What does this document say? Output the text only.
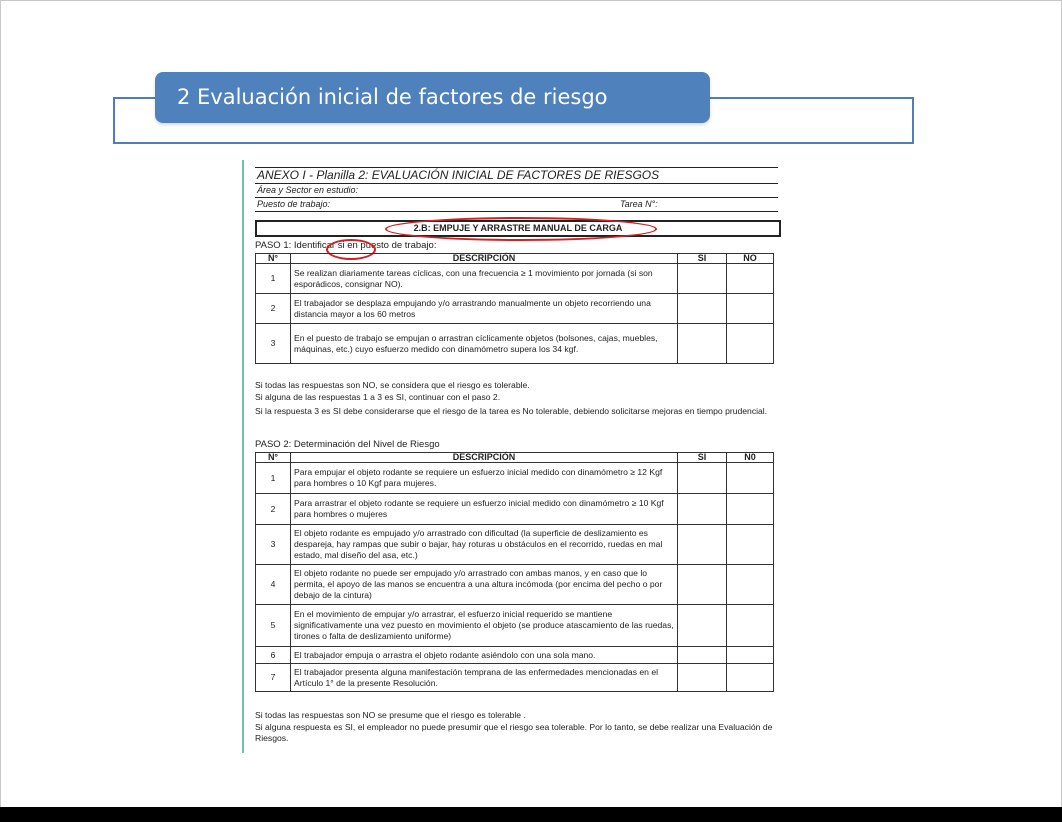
2 Evaluación inicial de factores de riesgo
ANEXO I - Planilla 2: EVALUACIÓN INICIAL DE FACTORES DE RIESGOS
Área y Sector en estudio:
Puesto de trabajo:	Tarea N°:
2.B: EMPUJE Y ARRASTRE MANUAL DE CARGA
PASO 1: Identificar si en puesto de trabajo:
N°	DESCRIPCIÓN	SI	NO
1	Se realizan diariamente tareas cíclicas, con una frecuencia ≥ 1 movimiento por jornada (si son esporádicos, consignar NO).		
2	El trabajador se desplaza empujando y/o arrastrando manualmente un objeto recorriendo una distancia mayor a los 60 metros		
3	En el puesto de trabajo se empujan o arrastran cíclicamente objetos (bolsones, cajas, muebles, máquinas, etc.) cuyo esfuerzo medido con dinamómetro supera los 34 kgf.		
Si todas las respuestas son NO, se considera que el riesgo es tolerable.
Si alguna de las respuestas 1 a 3 es SI, continuar con el paso 2.
Si la respuesta 3 es SI debe considerarse que el riesgo de la tarea es No tolerable, debiendo solicitarse mejoras en tiempo prudencial.
PASO 2: Determinación del Nivel de Riesgo
N°	DESCRIPCIÓN	SI	N0
1	Para empujar el objeto rodante se requiere un esfuerzo inicial medido con dinamómetro ≥ 12 Kgf para hombres o 10 Kgf para mujeres.		
2	Para arrastrar el objeto rodante se requiere un esfuerzo inicial medido con dinamómetro ≥ 10 Kgf para hombres o mujeres		
3	El objeto rodante es empujado y/o arrastrado con dificultad (la superficie de deslizamiento es despareja, hay rampas que subir o bajar, hay roturas u obstáculos en el recorrido, ruedas en mal estado, mal diseño del asa, etc.)		
4	El objeto rodante no puede ser empujado y/o arrastrado con ambas manos, y en caso que lo permita, el apoyo de las manos se encuentra a una altura incómoda (por encima del pecho o por debajo de la cintura)		
5	En el movimiento de empujar y/o arrastrar, el esfuerzo inicial requerido se mantiene significativamente una vez puesto en movimiento el objeto (se produce atascamiento de las ruedas, tirones o falta de deslizamiento uniforme)		
6	El trabajador empuja o arrastra el objeto rodante asiéndolo con una sola mano.		
7	El trabajador presenta alguna manifestación temprana de las enfermedades mencionadas en el Artículo 1° de la presente Resolución.		
Si todas las respuestas son NO se presume que el riesgo es tolerable .
Si alguna respuesta es SI, el empleador no puede presumir que el riesgo sea tolerable. Por lo tanto, se debe realizar una Evaluación de Riesgos.
